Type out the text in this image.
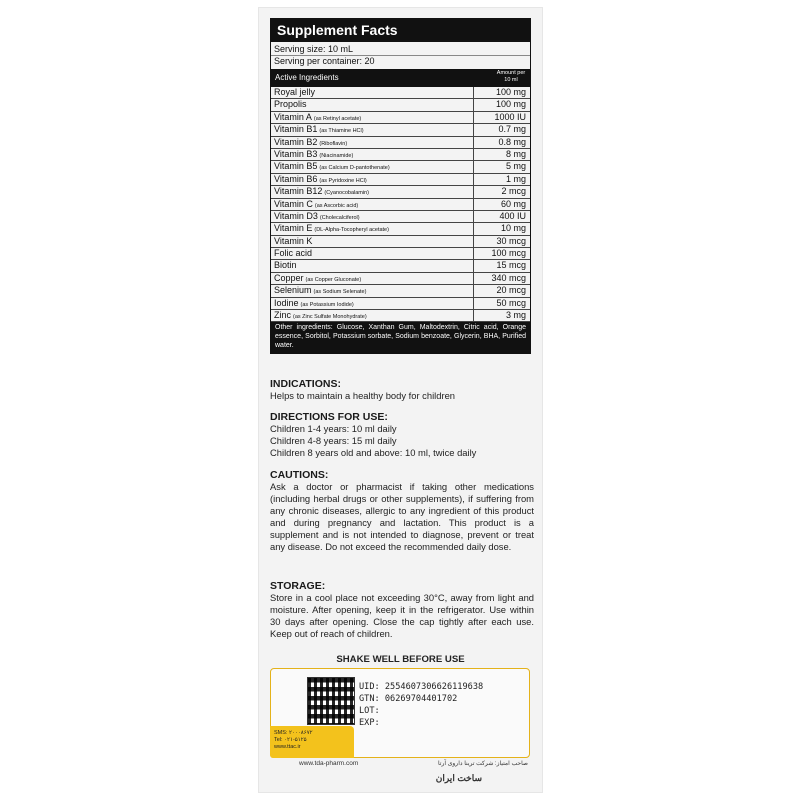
Supplement Facts
Serving size: 10 mL
Serving per container: 20
Active Ingredients	Amount per 10 ml
Royal jelly	100 mg
Propolis	100 mg
Vitamin A (as Retinyl acetate)	1000 IU
Vitamin B1 (as Thiamine HCl)	0.7 mg
Vitamin B2 (Riboflavin)	0.8 mg
Vitamin B3 (Niacinamide)	8 mg
Vitamin B5 (as Calcium D-pantothenate)	5 mg
Vitamin B6 (as Pyridoxine HCl)	1 mg
Vitamin B12 (Cyanocobalamin)	2 mcg
Vitamin C (as Ascorbic acid)	60 mg
Vitamin D3 (Cholecalciferol)	400 IU
Vitamin E (DL-Alpha-Tocopheryl acetate)	10 mg
Vitamin K	30 mcg
Folic acid	100 mcg
Biotin	15 mcg
Copper (as Copper Gluconate)	340 mcg
Selenium (as Sodium Selenate)	20 mcg
Iodine (as Potassium Iodide)	50 mcg
Zinc (as Zinc Sulfate Monohydrate)	3 mg
Other ingredients: Glucose, Xanthan Gum, Maltodextrin, Citric acid, Orange essence, Sorbitol, Potassium sorbate, Sodium benzoate, Glycerin, BHA, Purified water.
INDICATIONS:

Helps to maintain a healthy body for children

DIRECTIONS FOR USE:

Children 1-4 years: 10 ml daily

Children 4-8 years: 15 ml daily

Children 8 years old and above: 10 ml, twice daily

CAUTIONS:

Ask a doctor or pharmacist if taking other medications (including herbal drugs or other supplements), if suffering from any chronic diseases, allergic to any ingredient of this product and during pregnancy and lactation. This product is a supplement and is not intended to diagnose, prevent or treat any disease. Do not exceed the recommended daily dose.

STORAGE:

Store in a cool place not exceeding 30°C, away from light and moisture. After opening, keep it in the refrigerator. Use within 30 days after opening. Close the cap tightly after each use. Keep out of reach of children.

SHAKE WELL BEFORE USE
UID: 2554607306626119638
GTN: 06269704401702
LOT:
EXP:
SMS: ۲۰۰۰۸۶۷۲
Tel: ۰۲۱-۵۱۲۵
www.ttac.ir
www.tda-pharm.com	صاحب امتیاز: شرکت ترینا داروی آرتا
ساخت ایران
